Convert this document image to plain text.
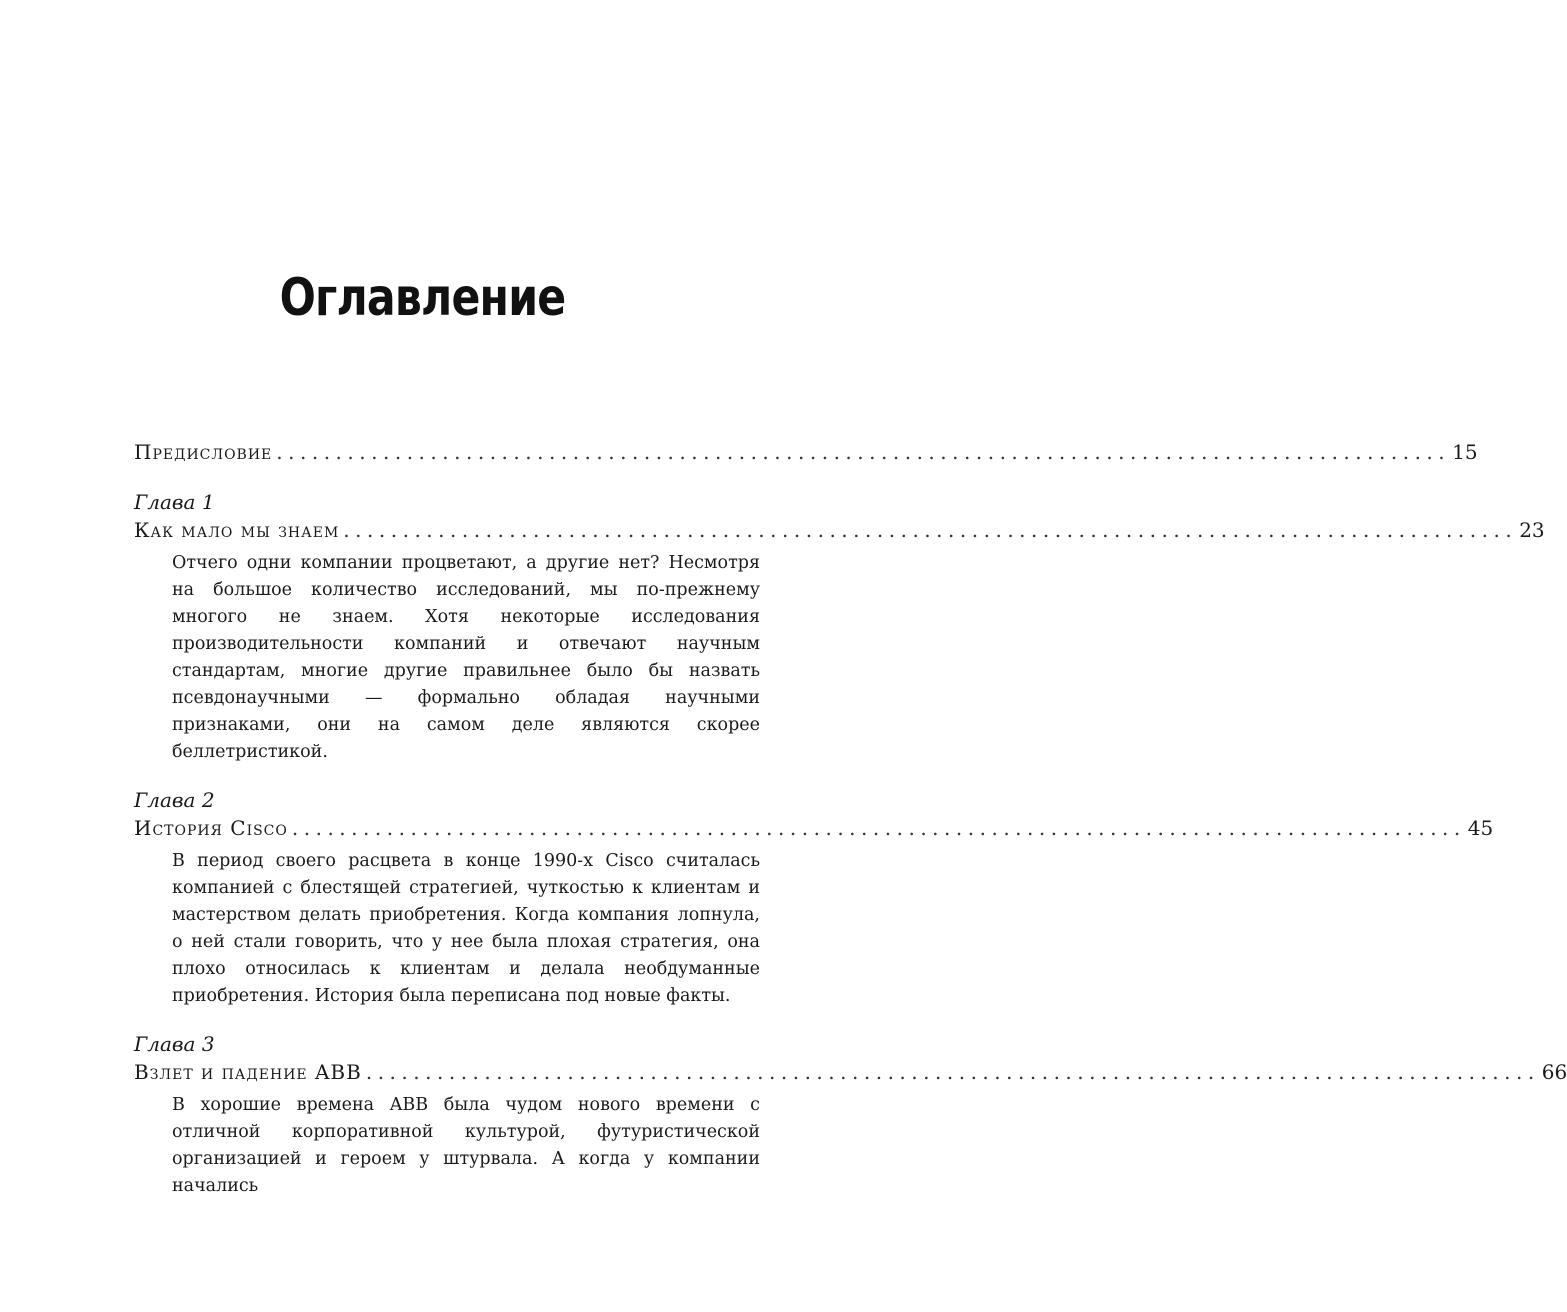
Оглавление
Предисловие ................................................................................................... 15
Глава 1
Как мало мы знаем ................................................................................................... 23

Отчего одни компании процветают, а другие нет? Несмотря на большое количество исследований, мы по-прежнему многого не знаем. Хотя некоторые исследования производительности компаний и отвечают научным стандартам, многие другие правильнее было бы назвать псевдонаучными — формально обладая научными признаками, они на самом деле являются скорее беллетристикой.

Глава 2
История Cisco ................................................................................................... 45

В период своего расцвета в конце 1990-х Cisco считалась компанией с блестящей стратегией, чуткостью к клиентам и мастерством делать приобретения. Когда компания лопнула, о ней стали говорить, что у нее была плохая стратегия, она плохо относилась к клиентам и делала необдуманные приобретения. История была переписана под новые факты.

Глава 3
Взлет и падение ABB ................................................................................................... 66

В хорошие времена ABB была чудом нового времени с отличной корпоративной культурой, футуристической организацией и героем у штурвала. А когда у компании начались
